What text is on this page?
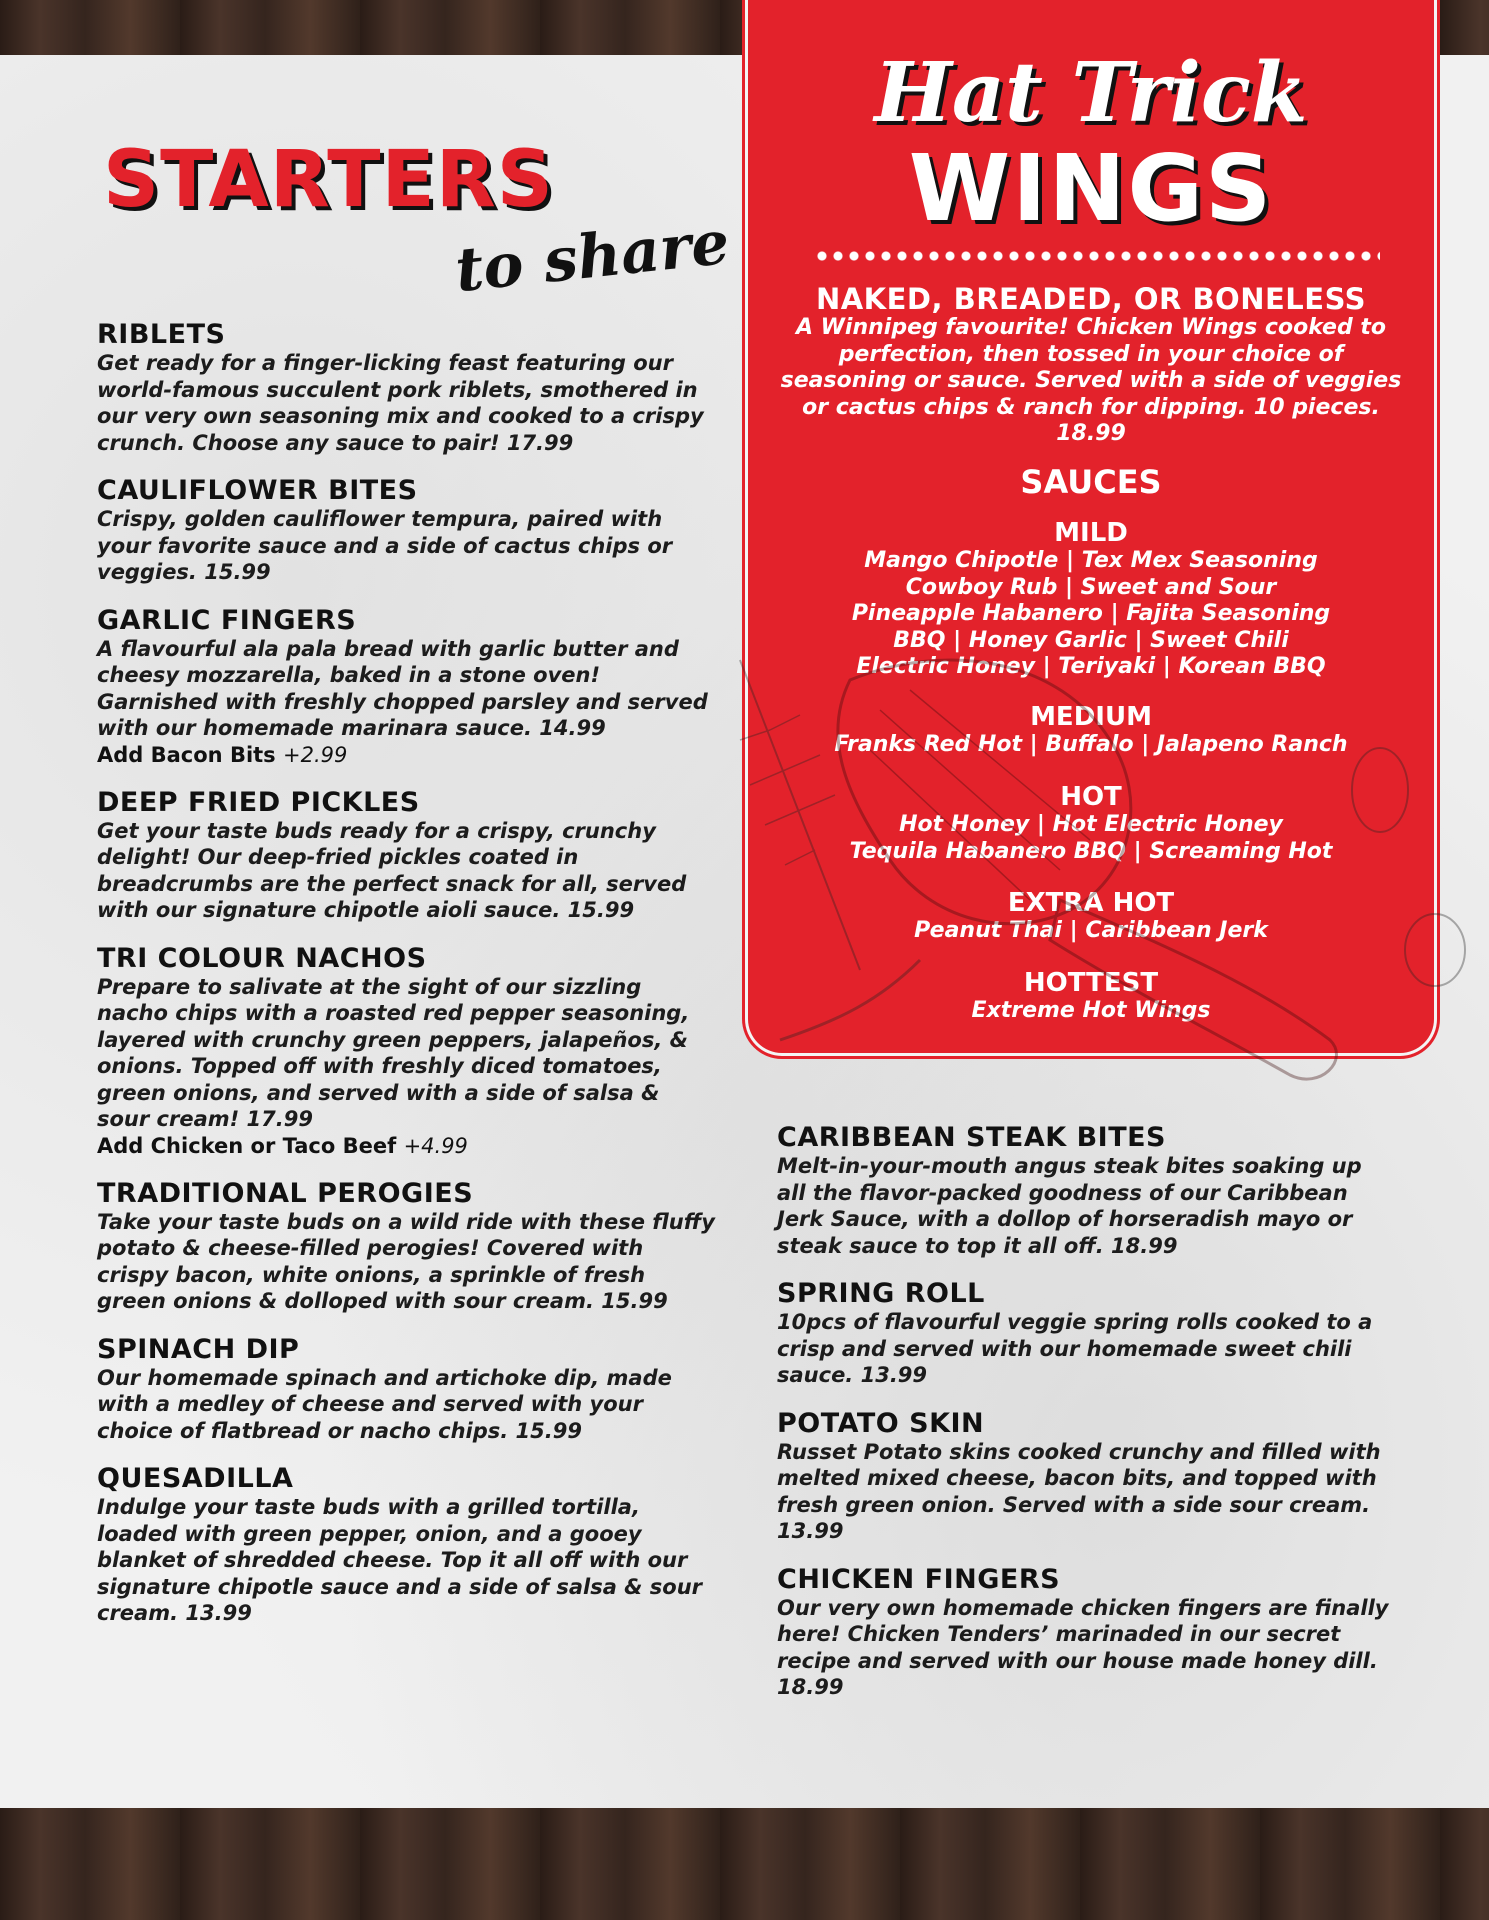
STARTERS
to share
RIBLETS
Get ready for a finger-licking feast featuring our world-famous succulent pork riblets, smothered in our very own seasoning mix and cooked to a crispy crunch. Choose any sauce to pair! 17.99
CAULIFLOWER BITES
Crispy, golden cauliflower tempura, paired with your favorite sauce and a side of cactus chips or veggies. 15.99
GARLIC FINGERS
A flavourful ala pala bread with garlic butter and cheesy mozzarella, baked in a stone oven! Garnished with freshly chopped parsley and served with our homemade marinara sauce. 14.99
Add Bacon Bits +2.99
DEEP FRIED PICKLES
Get your taste buds ready for a crispy, crunchy delight! Our deep-fried pickles coated in breadcrumbs are the perfect snack for all, served with our signature chipotle aioli sauce. 15.99
TRI COLOUR NACHOS
Prepare to salivate at the sight of our sizzling nacho chips with a roasted red pepper seasoning, layered with crunchy green peppers, jalapeños, & onions. Topped off with freshly diced tomatoes, green onions, and served with a side of salsa & sour cream! 17.99
Add Chicken or Taco Beef +4.99
TRADITIONAL PEROGIES
Take your taste buds on a wild ride with these fluffy potato & cheese-filled perogies! Covered with crispy bacon, white onions, a sprinkle of fresh green onions & dolloped with sour cream. 15.99
SPINACH DIP
Our homemade spinach and artichoke dip, made with a medley of cheese and served with your choice of flatbread or nacho chips. 15.99
QUESADILLA
Indulge your taste buds with a grilled tortilla, loaded with green pepper, onion, and a gooey blanket of shredded cheese. Top it all off with our signature chipotle sauce and a side of salsa & sour cream. 13.99
Hat Trick
WINGS
NAKED, BREADED, OR BONELESS
A Winnipeg favourite! Chicken Wings cooked to perfection, then tossed in your choice of seasoning or sauce. Served with a side of veggies or cactus chips & ranch for dipping. 10 pieces. 18.99
SAUCES
MILD
Mango Chipotle | Tex Mex Seasoning
Cowboy Rub | Sweet and Sour
Pineapple Habanero | Fajita Seasoning
BBQ | Honey Garlic | Sweet Chili
Electric Honey | Teriyaki | Korean BBQ
MEDIUM
Franks Red Hot | Buffalo | Jalapeno Ranch
HOT
Hot Honey | Hot Electric Honey
Tequila Habanero BBQ | Screaming Hot
EXTRA HOT
Peanut Thai | Caribbean Jerk
HOTTEST
Extreme Hot Wings
CARIBBEAN STEAK BITES
Melt-in-your-mouth angus steak bites soaking up all the flavor-packed goodness of our Caribbean Jerk Sauce, with a dollop of horseradish mayo or steak sauce to top it all off. 18.99
SPRING ROLL
10pcs of flavourful veggie spring rolls cooked to a crisp and served with our homemade sweet chili sauce. 13.99
POTATO SKIN
Russet Potato skins cooked crunchy and filled with melted mixed cheese, bacon bits, and topped with fresh green onion. Served with a side sour cream. 13.99
CHICKEN FINGERS
Our very own homemade chicken fingers are finally here! Chicken Tenders’ marinaded in our secret recipe and served with our house made honey dill. 18.99
